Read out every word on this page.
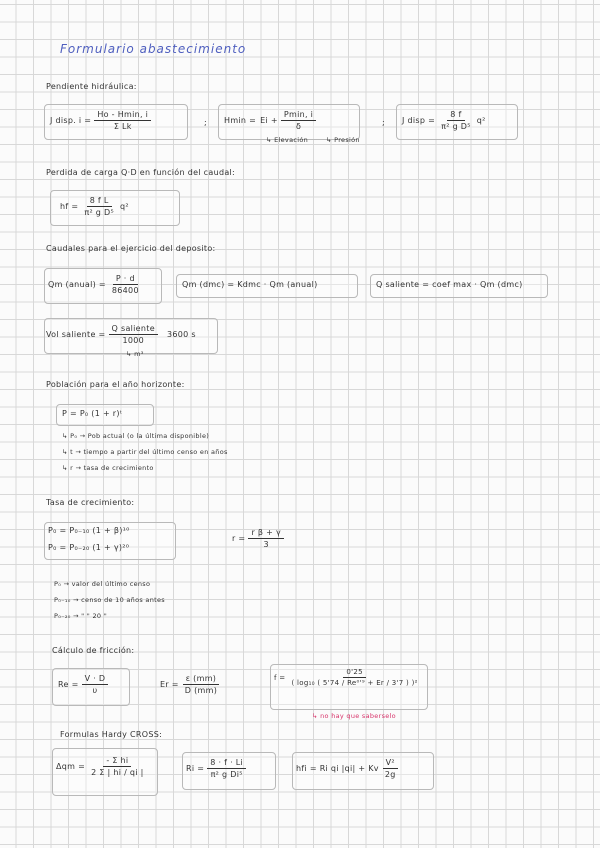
Formulario abastecimiento
Pendiente hidráulica:
J disp. $i = \frac{Ho - Hmin, i}{\text{Σ Lk}}$	; $Hmin = Ei + \frac{Pmin, i}{\delta}$
↳ Elevación	↳ Presión
; J disp = $\frac{8 f}{\text{π² g D⁵}} q^2$
Perdida de carga Q·D en función del caudal:
hf = $\frac{\text{8 f L}}{\text{π² g D⁵}} q^2$
Caudales para el ejercicio del deposito:
Qm (anual) = $\frac{P \cdot d}{86400}$	Qm (dmc) = Kdmc · Qm (anual)	Q saliente = coef max · Qm (dmc)
Vol saliente = $\frac{\text{Q saliente}}{1000} 3600$ s
↳ m³
Población para el año horizonte:
P = P₀ (1 + r)ᵗ
↳ P₀ → Pob actual (o la última disponible)
↳ t → tiempo a partir del último censo en años
↳ r → tasa de crecimiento
Tasa de crecimiento:
P₀ = P₀₋₁₀ (1 + β)¹⁰
P₀ = P₀₋₂₀ (1 + γ)²⁰
$r = \frac{\text{r β + γ}}{3}$
P₀ → valor del último censo
P₀₋₁₀ → censo de 10 años antes
P₀₋₂₀ → " " 20 "
Cálculo de fricción:
$Re = \frac{V \cdot D}{\upsilon}$	$Er = \frac{\varepsilon (mm)}{D (mm)}$	$f = \frac{0'25}{\text{( log₁₀ ( 5'74 / Re⁰'⁹ + Er / 3'7 ) )²}}$
↳ no hay que saberselo
Formulas Hardy CROSS:
$\Delta qm = \frac{\text{- Σ hi}}{2 \Sigma | hi / qi |}$	$Ri = \frac{8 \cdot f \cdot Li}{\text{π² g Di⁵}}$	hfi = Ri qi |qi| + Kv $\frac{\text{V²}}{2g}$
